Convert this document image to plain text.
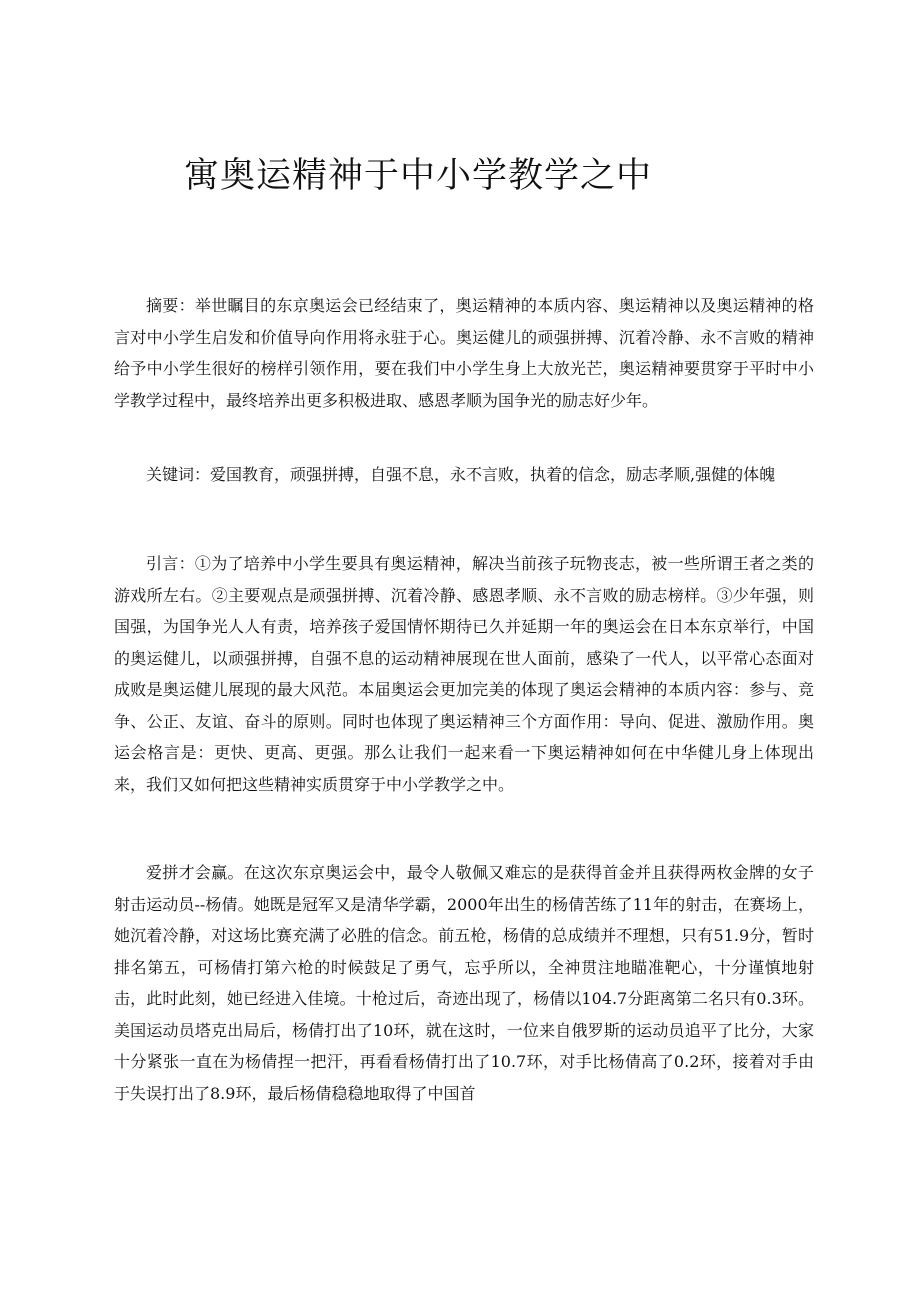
寓奥运精神于中小学教学之中

摘要：举世瞩目的东京奥运会已经结束了，奥运精神的本质内容、奥运精神以及奥运精神的格言对中小学生启发和价值导向作用将永驻于心。奥运健儿的顽强拼搏、沉着冷静、永不言败的精神给予中小学生很好的榜样引领作用，要在我们中小学生身上大放光芒，奥运精神要贯穿于平时中小学教学过程中，最终培养出更多积极进取、感恩孝顺为国争光的励志好少年。

关键词：爱国教育，顽强拼搏，自强不息，永不言败，执着的信念，励志孝顺,强健的体魄

引言：①为了培养中小学生要具有奥运精神，解决当前孩子玩物丧志，被一些所谓王者之类的游戏所左右。②主要观点是顽强拼搏、沉着冷静、感恩孝顺、永不言败的励志榜样。③少年强，则国强，为国争光人人有责，培养孩子爱国情怀期待已久并延期一年的奥运会在日本东京举行，中国的奥运健儿，以顽强拼搏，自强不息的运动精神展现在世人面前，感染了一代人，以平常心态面对成败是奥运健儿展现的最大风范。本届奥运会更加完美的体现了奥运会精神的本质内容：参与、竞争、公正、友谊、奋斗的原则。同时也体现了奥运精神三个方面作用：导向、促进、激励作用。奥运会格言是：更快、更高、更强。那么让我们一起来看一下奥运精神如何在中华健儿身上体现出来，我们又如何把这些精神实质贯穿于中小学教学之中。

爱拼才会赢。在这次东京奥运会中，最令人敬佩又难忘的是获得首金并且获得两枚金牌的女子射击运动员--杨倩。她既是冠军又是清华学霸，2000年出生的杨倩苦练了11年的射击，在赛场上，她沉着冷静，对这场比赛充满了必胜的信念。前五枪，杨倩的总成绩并不理想，只有51.9分，暂时排名第五，可杨倩打第六枪的时候鼓足了勇气，忘乎所以，全神贯注地瞄准靶心，十分谨慎地射击，此时此刻，她已经进入佳境。十枪过后，奇迹出现了，杨倩以104.7分距离第二名只有0.3环。美国运动员塔克出局后，杨倩打出了10环，就在这时，一位来自俄罗斯的运动员追平了比分，大家十分紧张一直在为杨倩捏一把汗，再看看杨倩打出了10.7环，对手比杨倩高了0.2环，接着对手由于失误打出了8.9环，最后杨倩稳稳地取得了中国首
